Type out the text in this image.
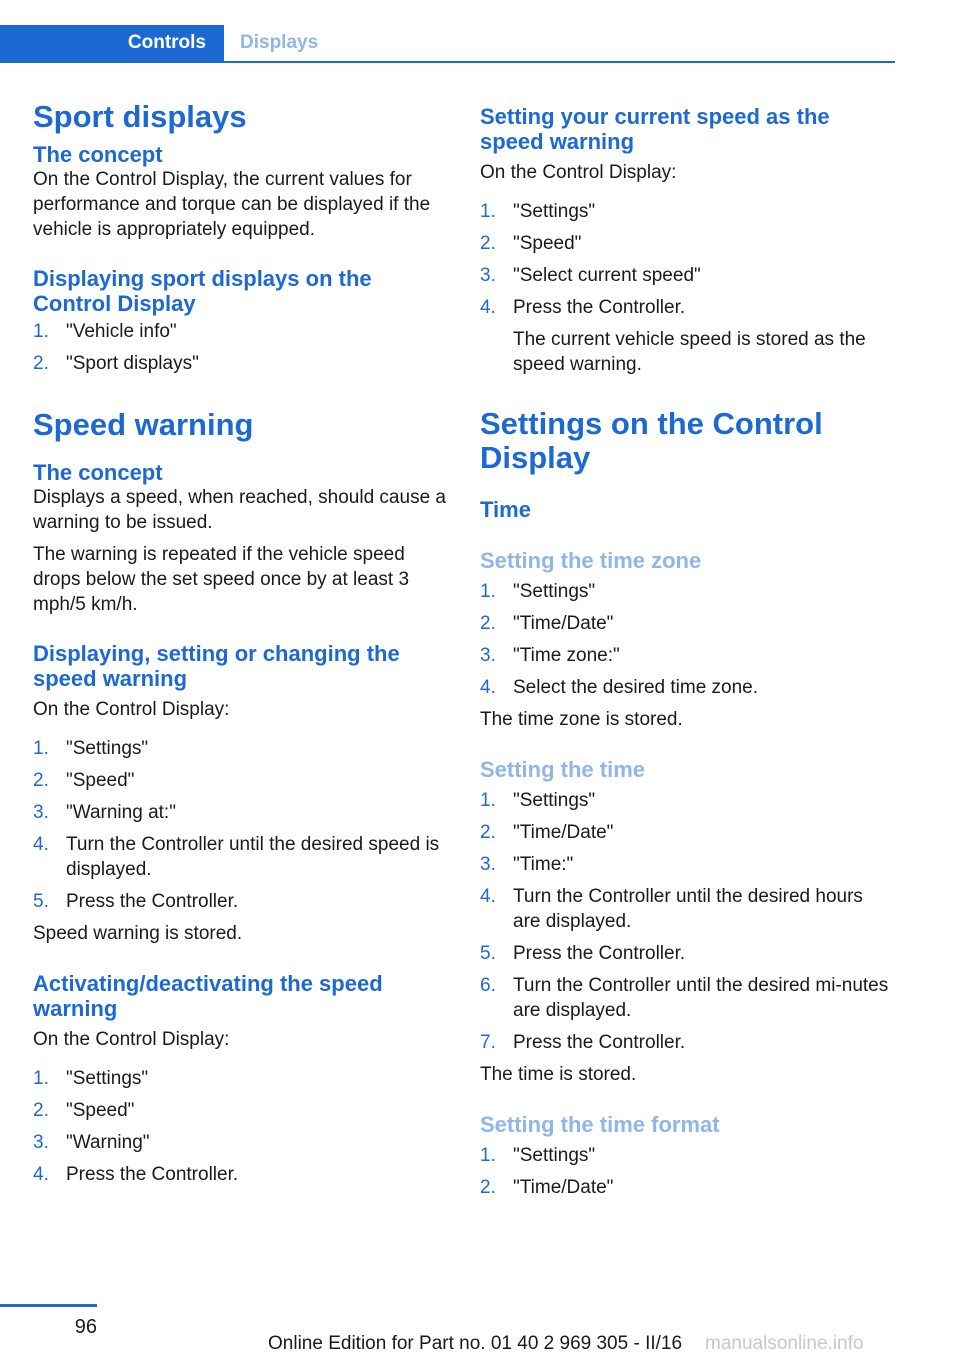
Controls	Displays
Sport displays
The concept

On the Control Display, the current values for performance and torque can be displayed if the vehicle is appropriately equipped.

Displaying sport displays on the Control Display
1. "Vehicle info"
2. "Sport displays"
Speed warning
The concept

Displays a speed, when reached, should cause a warning to be issued.

The warning is repeated if the vehicle speed drops below the set speed once by at least 3 mph/5 km/h.

Displaying, setting or changing the speed warning

On the Control Display:

1. "Settings"
2. "Speed"
3. "Warning at:"
4. Turn the Controller until the desired speed is displayed.
5. Press the Controller.

Speed warning is stored.

Activating/deactivating the speed warning

On the Control Display:

1. "Settings"
2. "Speed"
3. "Warning"
4. Press the Controller.
Setting your current speed as the speed warning

On the Control Display:

1. "Settings"
2. "Speed"
3. "Select current speed"
4. Press the Controller.
The current vehicle speed is stored as the speed warning.
Settings on the Control Display
Time
Setting the time zone
1. "Settings"
2. "Time/Date"
3. "Time zone:"
4. Select the desired time zone.

The time zone is stored.

Setting the time
1. "Settings"
2. "Time/Date"
3. "Time:"
4. Turn the Controller until the desired hours are displayed.
5. Press the Controller.
6. Turn the Controller until the desired mi-nutes are displayed.
7. Press the Controller.

The time is stored.

Setting the time format
1. "Settings"
2. "Time/Date"
96
Online Edition for Part no. 01 40 2 969 305 - II/16 manualsonline.info
